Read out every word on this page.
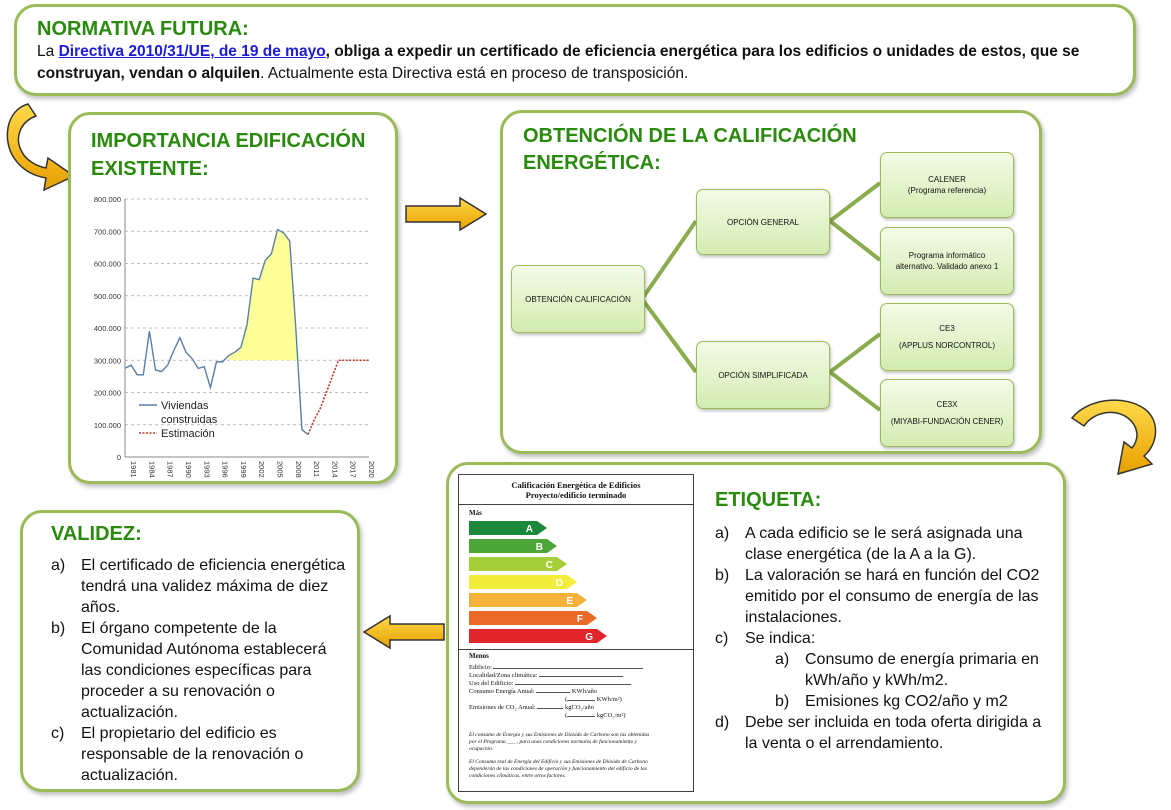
NORMATIVA FUTURA:
La Directiva 2010/31/UE, de 19 de mayo, obliga a expedir un certificado de eficiencia energética para los edificios o unidades de estos, que se construyan, vendan o alquilen. Actualmente esta Directiva está en proceso de transposición.
IMPORTANCIA EDIFICACIÓN
EXISTENTE:
0
100.000
200.000
300.000
400.000
500.000
600.000
700.000
800.000
1981 1984 1987 1990 1993 1996 1999 2002 2005 2008 2011 2014 2017 2020
Viviendas
construidas
Estimación
OBTENCIÓN DE LA CALIFICACIÓN
ENERGÉTICA:
OBTENCIÓN CALIFICACIÓN
OPCIÓN GENERAL
OPCIÓN SIMPLIFICADA
CALENER
(Programa referencia)
Programa informático
alternativo. Validado anexo 1
CE3
(APPLUS NORCONTROL)
CE3X
(MIYABI-FUNDACIÓN CENER)
Calificación Energética de Edificios
Proyecto/edificio terminado
Más
A
B
C
D
E
F
G
Menos
Edificio:
Localidad/Zona climática:
Uso del Edificio:
Consumo Energía Anual:	KWh/año
(	KWh/m²)
Emisiones de CO₂ Anual:	kgCO₂/año
(	kgCO₂/m²)
El consumo de Energía y sus Emisiones de Dióxido de Carbono son las obtenidas por el Programa ___ , para unas condiciones normales de funcionamiento y ocupación.
El Consumo real de Energía del Edificio y sus Emisiones de Dióxido de Carbono dependerán de las condiciones de operación y funcionamiento del edificio de las condiciones climáticas, entre otros factores.
ETIQUETA:
a) A cada edificio se le será asignada una clase energética (de la A a la G).
b) La valoración se hará en función del CO2 emitido por el consumo de energía de las instalaciones.
c) Se indica:
a) Consumo de energía primaria en kWh/año y kWh/m2.
b) Emisiones kg CO2/año y m2
d) Debe ser incluida en toda oferta dirigida a la venta o el arrendamiento.
VALIDEZ:
a) El certificado de eficiencia energética tendrá una validez máxima de diez años.
b) El órgano competente de la Comunidad Autónoma establecerá las condiciones específicas para proceder a su renovación o actualización.
c) El propietario del edificio es responsable de la renovación o actualización.
